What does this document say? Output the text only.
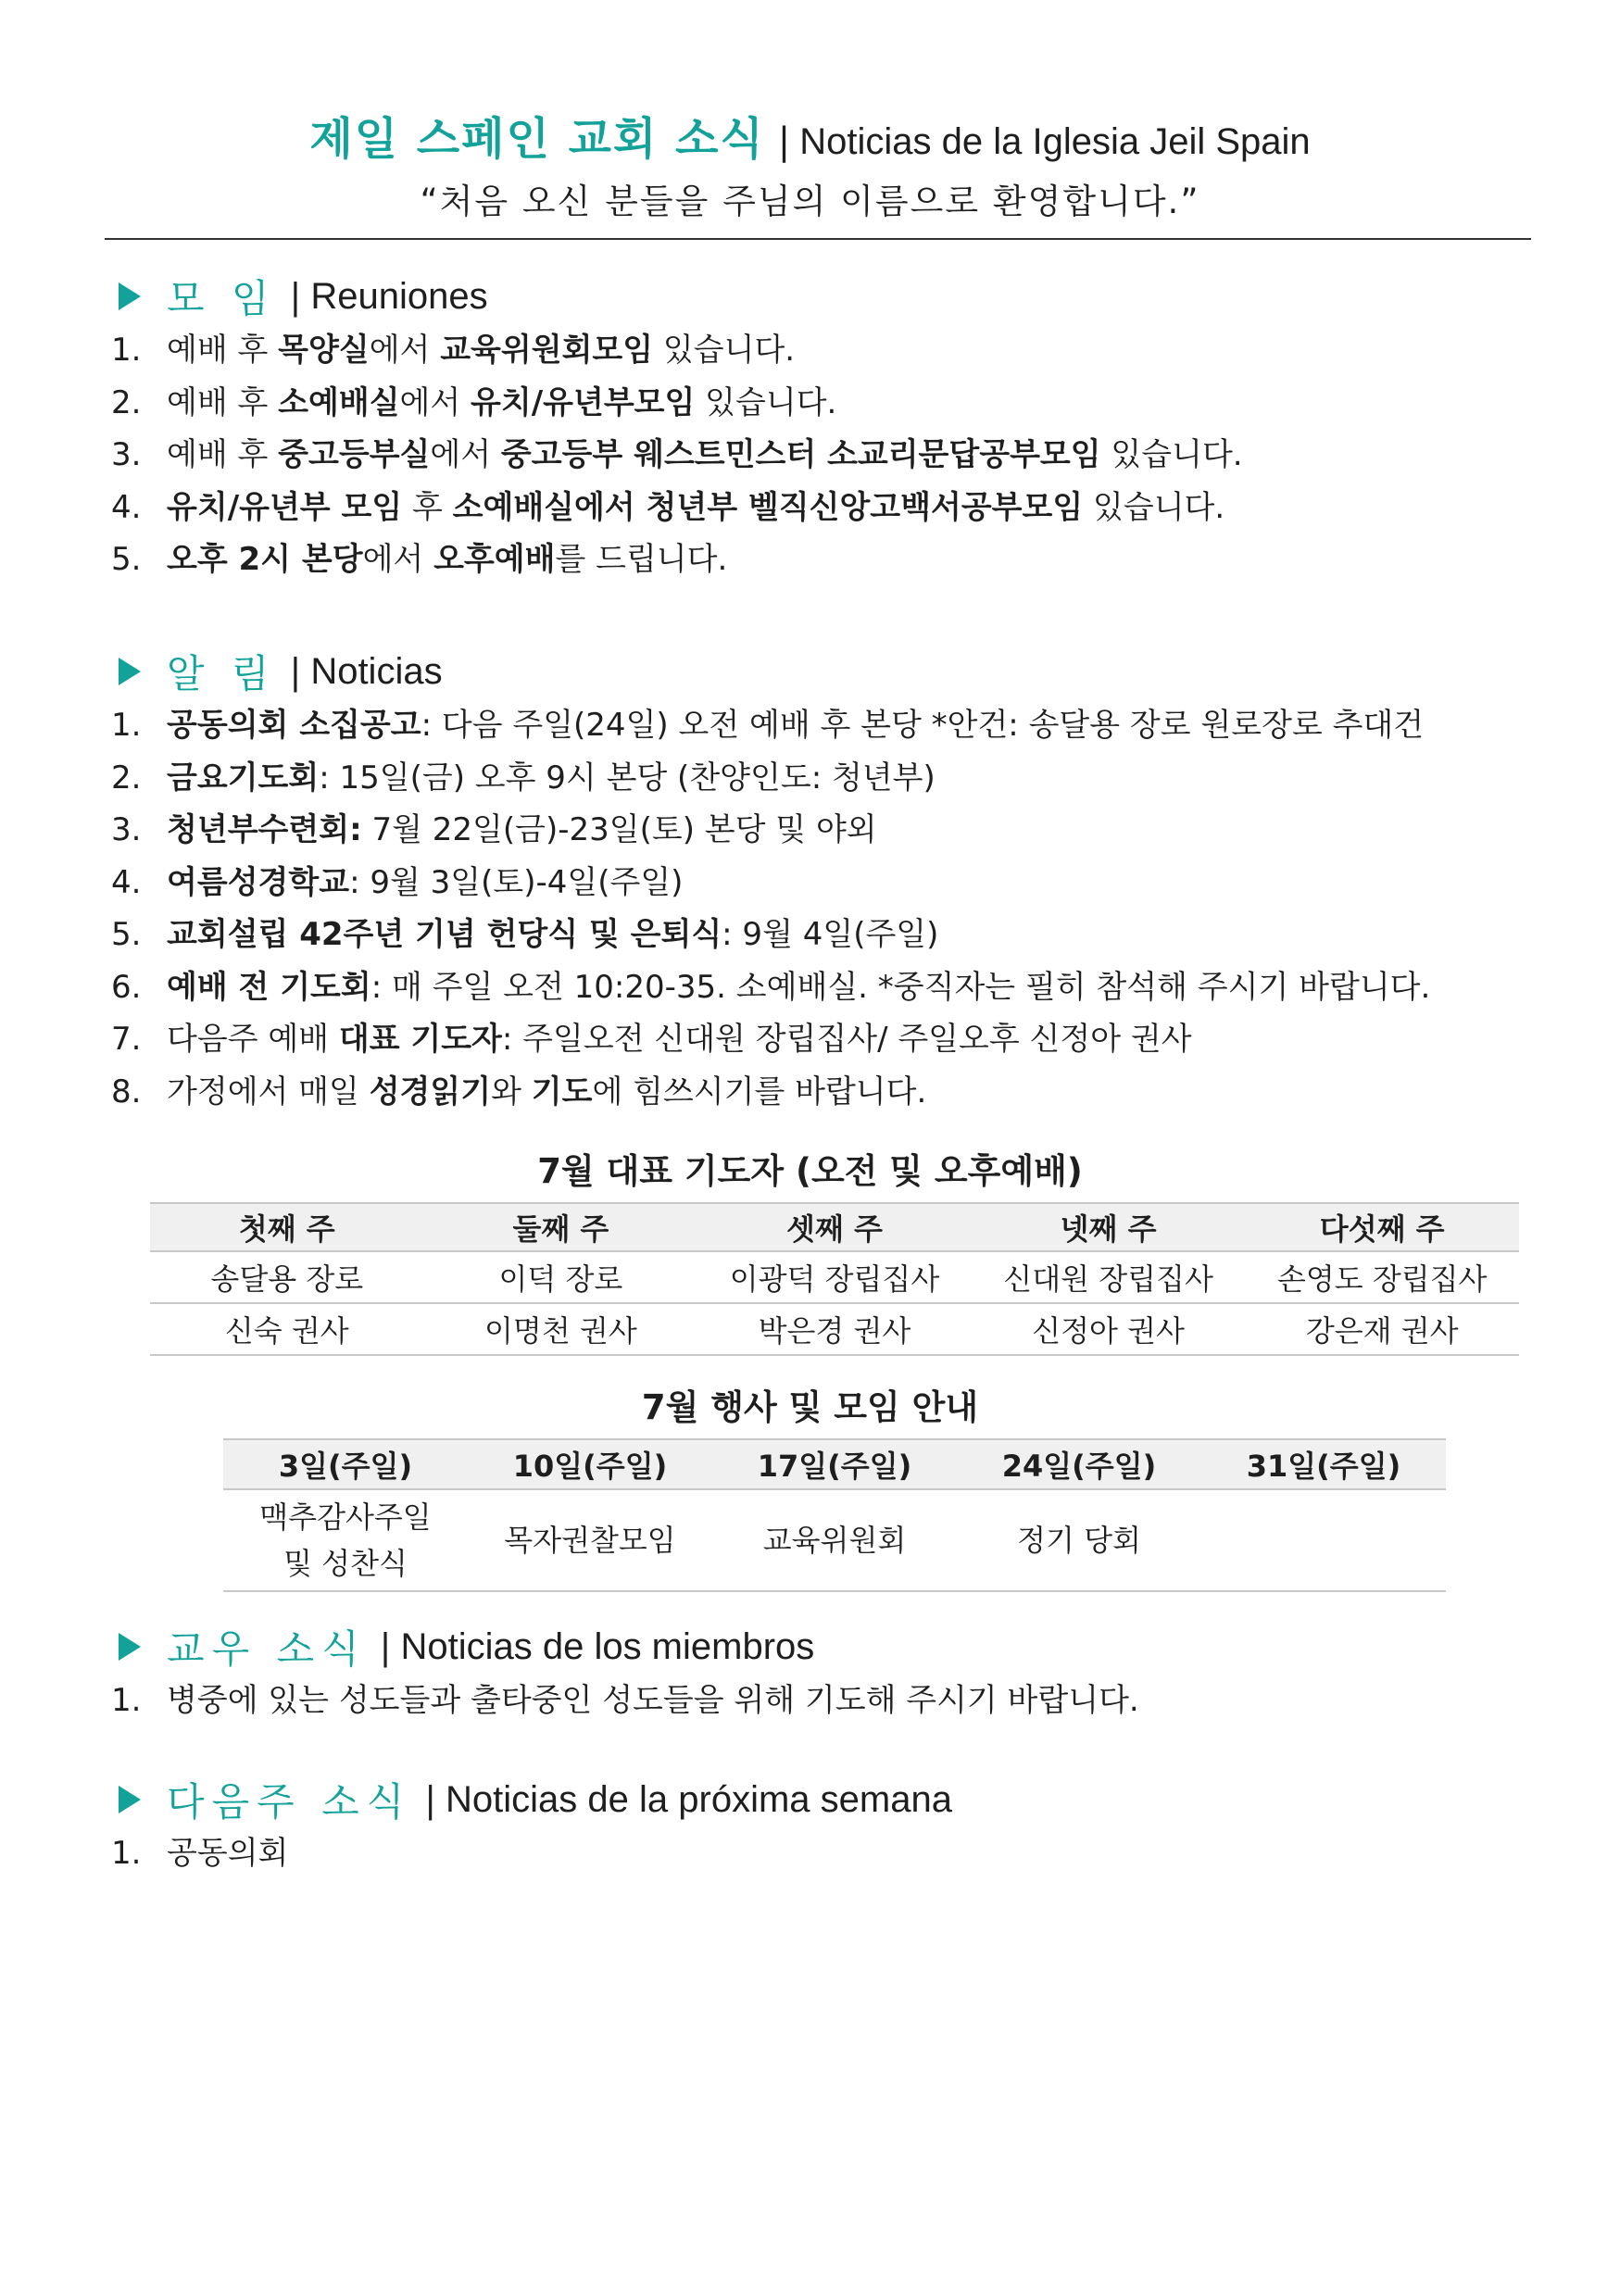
제일 스페인 교회 소식 | Noticias de la Iglesia Jeil Spain
“처음 오신 분들을 주님의 이름으로 환영합니다.”
모 임 | Reuniones
1. 예배 후 목양실에서 교육위원회모임 있습니다.
2. 예배 후 소예배실에서 유치/유년부모임 있습니다.
3. 예배 후 중고등부실에서 중고등부 웨스트민스터 소교리문답공부모임 있습니다.
4. 유치/유년부 모임 후 소예배실에서 청년부 벨직신앙고백서공부모임 있습니다.
5. 오후 2시 본당에서 오후예배를 드립니다.
알 림 | Noticias
1. 공동의회 소집공고: 다음 주일(24일) 오전 예배 후 본당 *안건: 송달용 장로 원로장로 추대건
2. 금요기도회: 15일(금) 오후 9시 본당 (찬양인도: 청년부)
3. 청년부수련회: 7월 22일(금)-23일(토) 본당 및 야외
4. 여름성경학교: 9월 3일(토)-4일(주일)
5. 교회설립 42주년 기념 헌당식 및 은퇴식: 9월 4일(주일)
6. 예배 전 기도회: 매 주일 오전 10:20-35. 소예배실. *중직자는 필히 참석해 주시기 바랍니다.
7. 다음주 예배 대표 기도자: 주일오전 신대원 장립집사/ 주일오후 신정아 권사
8. 가정에서 매일 성경읽기와 기도에 힘쓰시기를 바랍니다.
7월 대표 기도자 (오전 및 오후예배)
첫째 주	둘째 주	셋째 주	넷째 주	다섯째 주
송달용 장로	이덕 장로	이광덕 장립집사	신대원 장립집사	손영도 장립집사
신숙 권사	이명천 권사	박은경 권사	신정아 권사	강은재 권사
7월 행사 및 모임 안내
3일(주일)	10일(주일)	17일(주일)	24일(주일)	31일(주일)

맥추감사주일
및 성찬식	목자권찰모임	교육위원회	정기 당회	

교우 소식 | Noticias de los miembros
1. 병중에 있는 성도들과 출타중인 성도들을 위해 기도해 주시기 바랍니다.
다음주 소식 | Noticias de la próxima semana
1. 공동의회
